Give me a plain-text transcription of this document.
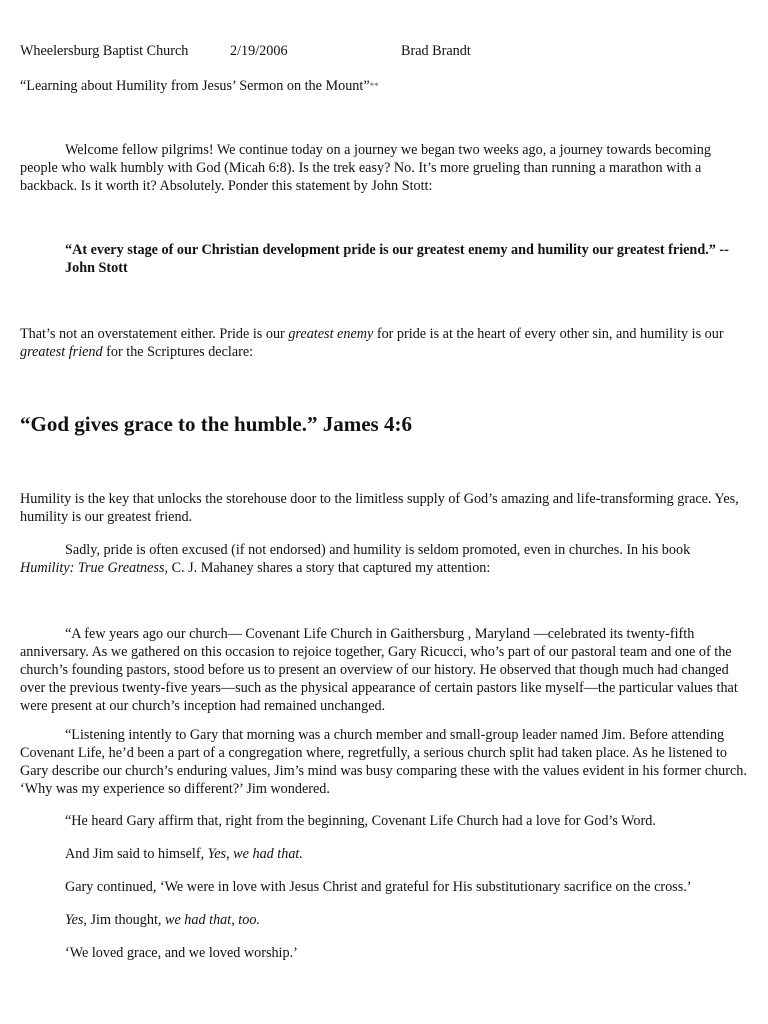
Wheelersburg Baptist Church	2/19/2006	Brad Brandt

“Learning about Humility from Jesus’ Sermon on the Mount”**

Welcome fellow pilgrims! We continue today on a journey we began two weeks ago, a journey towards becoming people who walk humbly with God (Micah 6:8). Is the trek easy? No. It’s more grueling than running a marathon with a backback. Is it worth it? Absolutely. Ponder this statement by John Stott:

“At every stage of our Christian development pride is our greatest enemy and humility our greatest friend.” --John Stott

That’s not an overstatement either. Pride is our greatest enemy for pride is at the heart of every other sin, and humility is our greatest friend for the Scriptures declare:

“God gives grace to the humble.” James 4:6

Humility is the key that unlocks the storehouse door to the limitless supply of God’s amazing and life-transforming grace. Yes, humility is our greatest friend.

Sadly, pride is often excused (if not endorsed) and humility is seldom promoted, even in churches. In his book Humility: True Greatness, C. J. Mahaney shares a story that captured my attention:

“A few years ago our church— Covenant Life Church in Gaithersburg , Maryland —celebrated its twenty-fifth anniversary. As we gathered on this occasion to rejoice together, Gary Ricucci, who’s part of our pastoral team and one of the church’s founding pastors, stood before us to present an overview of our history. He observed that though much had changed over the previous twenty-five years—such as the physical appearance of certain pastors like myself—the particular values that were present at our church’s inception had remained unchanged.

“Listening intently to Gary that morning was a church member and small-group leader named Jim. Before attending Covenant Life, he’d been a part of a congregation where, regretfully, a serious church split had taken place. As he listened to Gary describe our church’s enduring values, Jim’s mind was busy comparing these with the values evident in his former church. ‘Why was my experience so different?’ Jim wondered.

“He heard Gary affirm that, right from the beginning, Covenant Life Church had a love for God’s Word.

And Jim said to himself, Yes, we had that.

Gary continued, ‘We were in love with Jesus Christ and grateful for His substitutionary sacrifice on the cross.’

Yes, Jim thought, we had that, too.

‘We loved grace, and we loved worship.’
